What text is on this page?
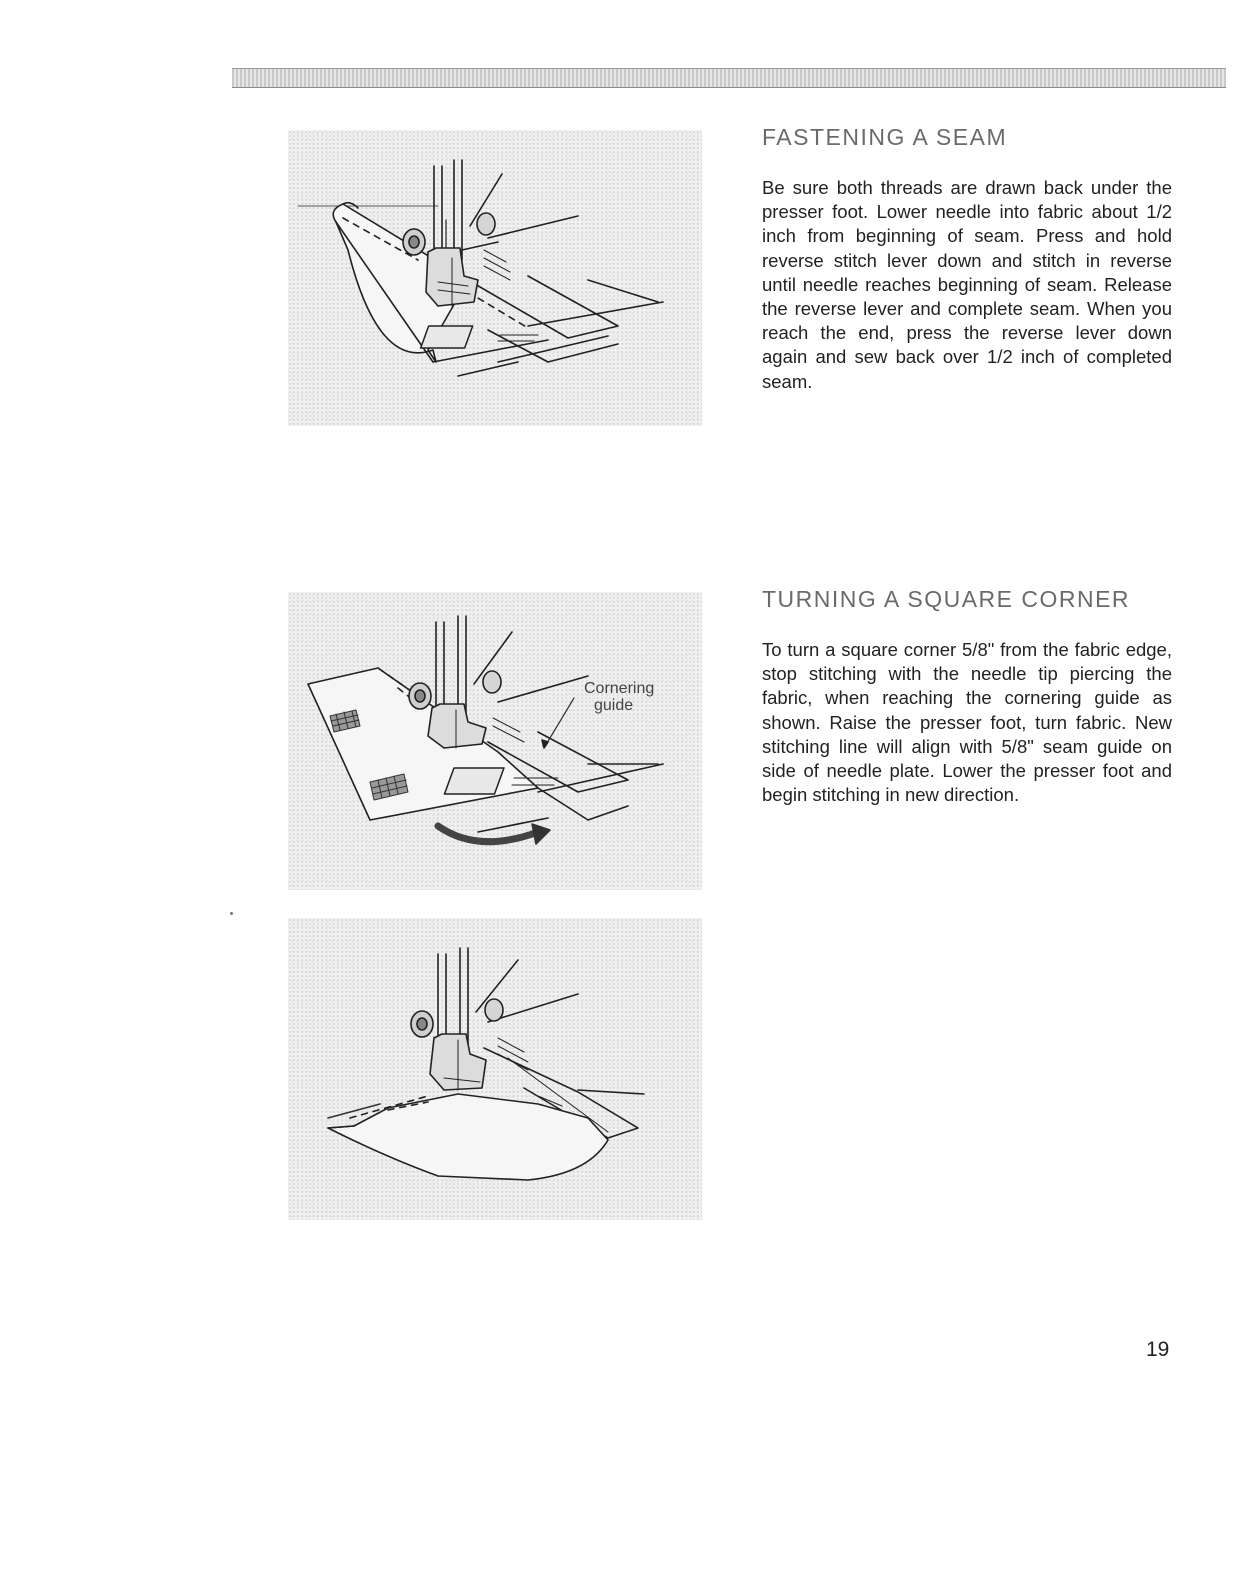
FASTENING A SEAM

Be sure both threads are drawn back under the presser foot. Lower needle into fabric about 1/2 inch from beginning of seam. Press and hold reverse stitch lever down and stitch in reverse until needle reaches beginning of seam. Release the reverse lever and complete seam. When you reach the end, press the reverse lever down again and sew back over 1/2 inch of completed seam.

Cornering
guide
TURNING A SQUARE CORNER

To turn a square corner 5/8" from the fabric edge, stop stitching with the needle tip piercing the fabric, when reaching the cornering guide as shown. Raise the presser foot, turn fabric. New stitching line will align with 5/8" seam guide on side of needle plate. Lower the presser foot and begin stitching in new direction.

19
